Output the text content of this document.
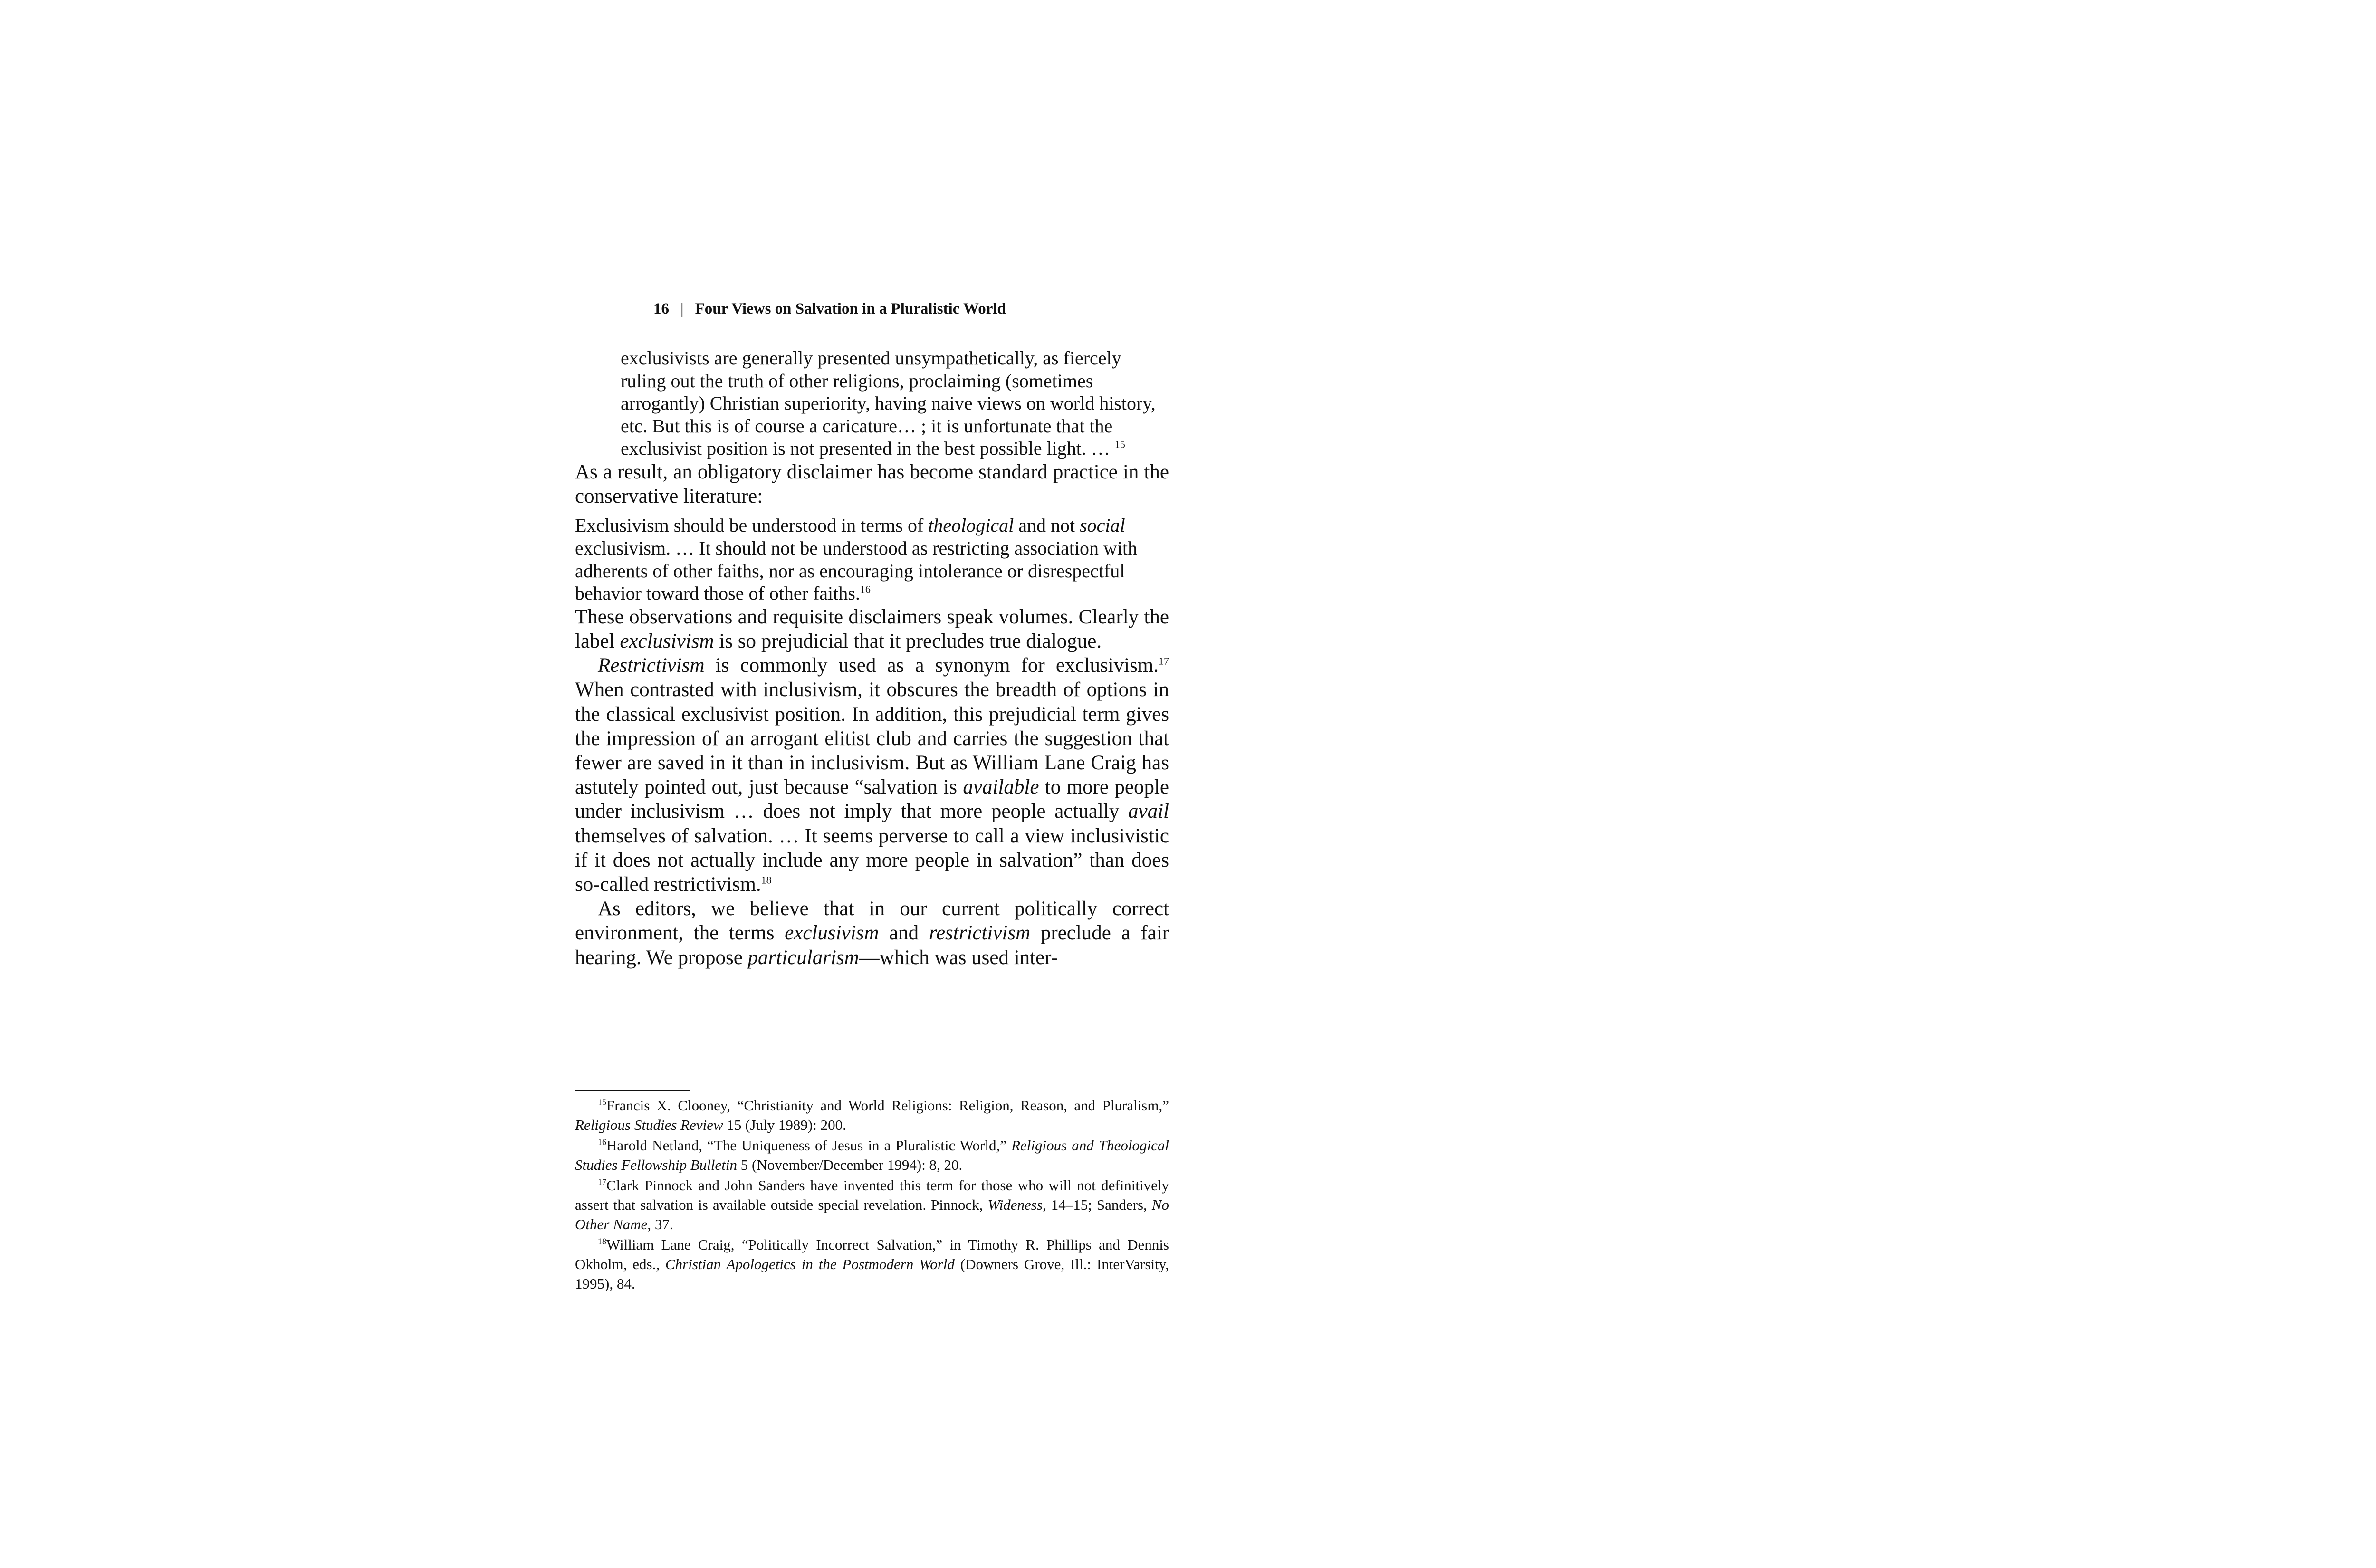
16 | Four Views on Salvation in a Pluralistic World

exclusivists are generally presented unsympathetically, as fiercely ruling out the truth of other religions, proclaiming (sometimes arrogantly) Christian superiority, having naive views on world history, etc. But this is of course a caricature… ; it is unfortunate that the exclusivist position is not presented in the best possible light. … $^{15}$

As a result, an obligatory disclaimer has become standard practice in the conservative literature:

Exclusivism should be understood in terms of theological and not social exclusivism. … It should not be understood as restricting association with adherents of other faiths, nor as encouraging intolerance or disrespectful behavior toward those of other faiths.$^{16}$

These observations and requisite disclaimers speak volumes. Clearly the label exclusivism is so prejudicial that it precludes true dialogue.

Restrictivism is commonly used as a synonym for exclusivism.$^{17}$ When contrasted with inclusivism, it obscures the breadth of options in the classical exclusivist position. In addition, this prejudicial term gives the impression of an arrogant elitist club and carries the suggestion that fewer are saved in it than in inclusivism. But as William Lane Craig has astutely pointed out, just because “salvation is available to more people under inclusivism … does not imply that more people actually avail themselves of salvation. … It seems perverse to call a view inclusivistic if it does not actually include any more people in salvation” than does so-called restrictivism.$^{18}$

As editors, we believe that in our current politically correct environment, the terms exclusivism and restrictivism preclude a fair hearing. We propose particularism—which was used inter-

$^{15}$Francis X. Clooney, “Christianity and World Religions: Religion, Reason, and Pluralism,” Religious Studies Review 15 (July 1989): 200.

$^{16}$Harold Netland, “The Uniqueness of Jesus in a Pluralistic World,” Religious and Theological Studies Fellowship Bulletin 5 (November/December 1994): 8, 20.

$^{17}$Clark Pinnock and John Sanders have invented this term for those who will not definitively assert that salvation is available outside special revelation. Pinnock, Wideness, 14–15; Sanders, No Other Name, 37.

$^{18}$William Lane Craig, “Politically Incorrect Salvation,” in Timothy R. Phillips and Dennis Okholm, eds., Christian Apologetics in the Postmodern World (Downers Grove, Ill.: InterVarsity, 1995), 84.
